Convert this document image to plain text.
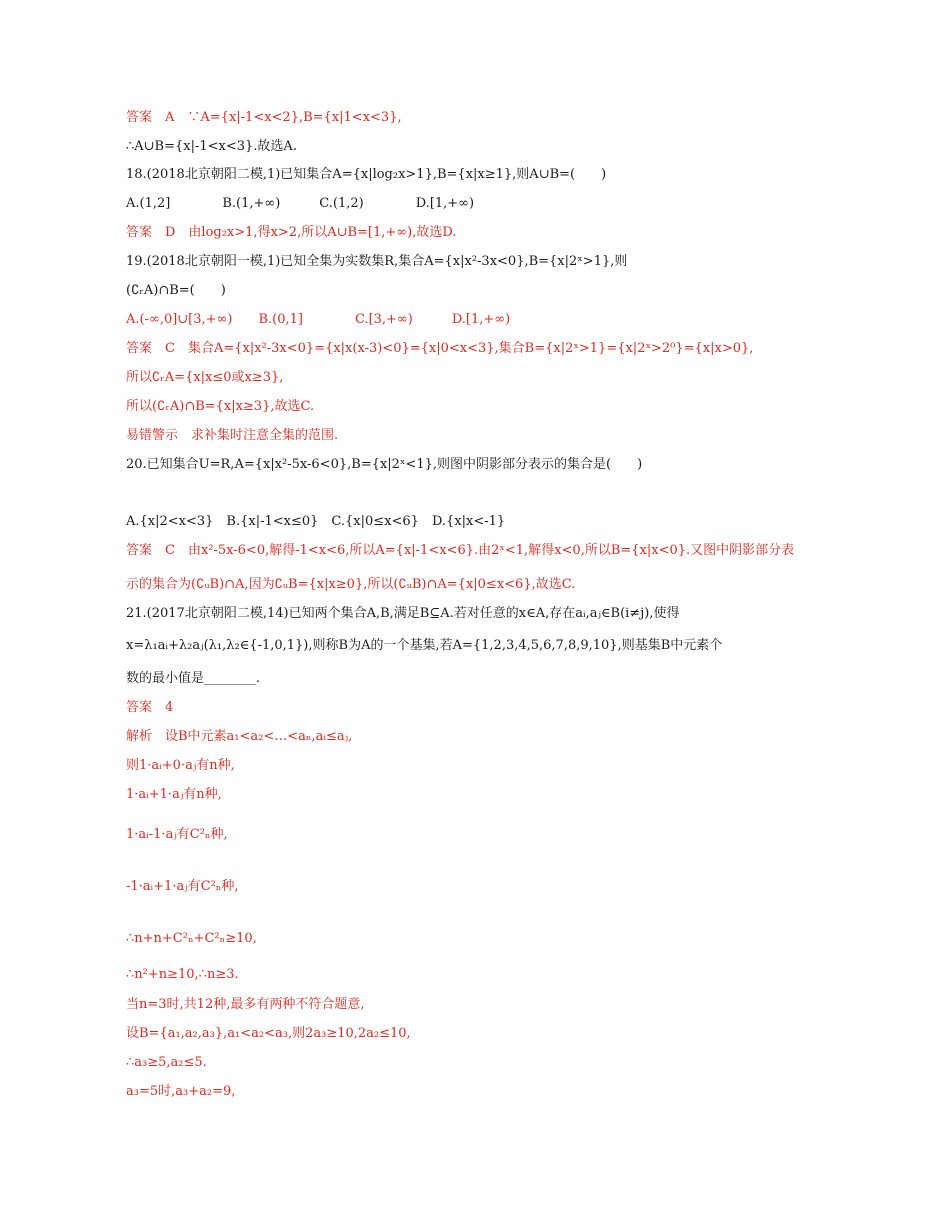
答案　A　∵A={x|-1<x<2},B={x|1<x<3},
∴A∪B={x|-1<x<3}.故选A.
18.(2018北京朝阳二模,1)已知集合A={x|log₂x>1},B={x|x≥1},则A∪B=(　　)
A.(1,2]　　　　B.(1,+∞)　　　C.(1,2)　　　　D.[1,+∞)
答案　D　由log₂x>1,得x>2,所以A∪B=[1,+∞),故选D.
19.(2018北京朝阳一模,1)已知全集为实数集R,集合A={x|x²-3x<0},B={x|2ˣ>1},则
(∁ᵣA)∩B=(　　)
A.(-∞,0]∪[3,+∞)　　B.(0,1]　　　　C.[3,+∞)　　　D.[1,+∞)
答案　C　集合A={x|x²-3x<0}={x|x(x-3)<0}={x|0<x<3},集合B={x|2ˣ>1}={x|2ˣ>2⁰}={x|x>0},
所以∁ᵣA={x|x≤0或x≥3},
所以(∁ᵣA)∩B={x|x≥3},故选C.
易错警示　求补集时注意全集的范围.
20.已知集合U=R,A={x|x²-5x-6<0},B={x|2ˣ<1},则图中阴影部分表示的集合是(　　)
A.{x|2<x<3}　B.{x|-1<x≤0}　C.{x|0≤x<6}　D.{x|x<-1}
答案　C　由x²-5x-6<0,解得-1<x<6,所以A={x|-1<x<6}.由2ˣ<1,解得x<0,所以B={x|x<0}.又图中阴影部分表
示的集合为(∁ᵤB)∩A,因为∁ᵤB={x|x≥0},所以(∁ᵤB)∩A={x|0≤x<6},故选C.
21.(2017北京朝阳二模,14)已知两个集合A,B,满足B⊆A.若对任意的x∈A,存在aᵢ,aⱼ∈B(i≠j),使得
x=λ₁aᵢ+λ₂aⱼ(λ₁,λ₂∈{-1,0,1}),则称B为A的一个基集,若A={1,2,3,4,5,6,7,8,9,10},则基集B中元素个
数的最小值是________.
答案　4
解析　设B中元素a₁<a₂<…<aₙ,aᵢ≤aⱼ,
则1·aᵢ+0·aⱼ有n种,
1·aᵢ+1·aⱼ有n种,
1·aᵢ-1·aⱼ有C²ₙ种,
-1·aᵢ+1·aⱼ有C²ₙ种,
∴n+n+C²ₙ+C²ₙ≥10,
∴n²+n≥10,∴n≥3.
当n=3时,共12种,最多有两种不符合题意,
设B={a₁,a₂,a₃},a₁<a₂<a₃,则2a₃≥10,2a₂≤10,
∴a₃≥5,a₂≤5.
a₃=5时,a₃+a₂=9,
